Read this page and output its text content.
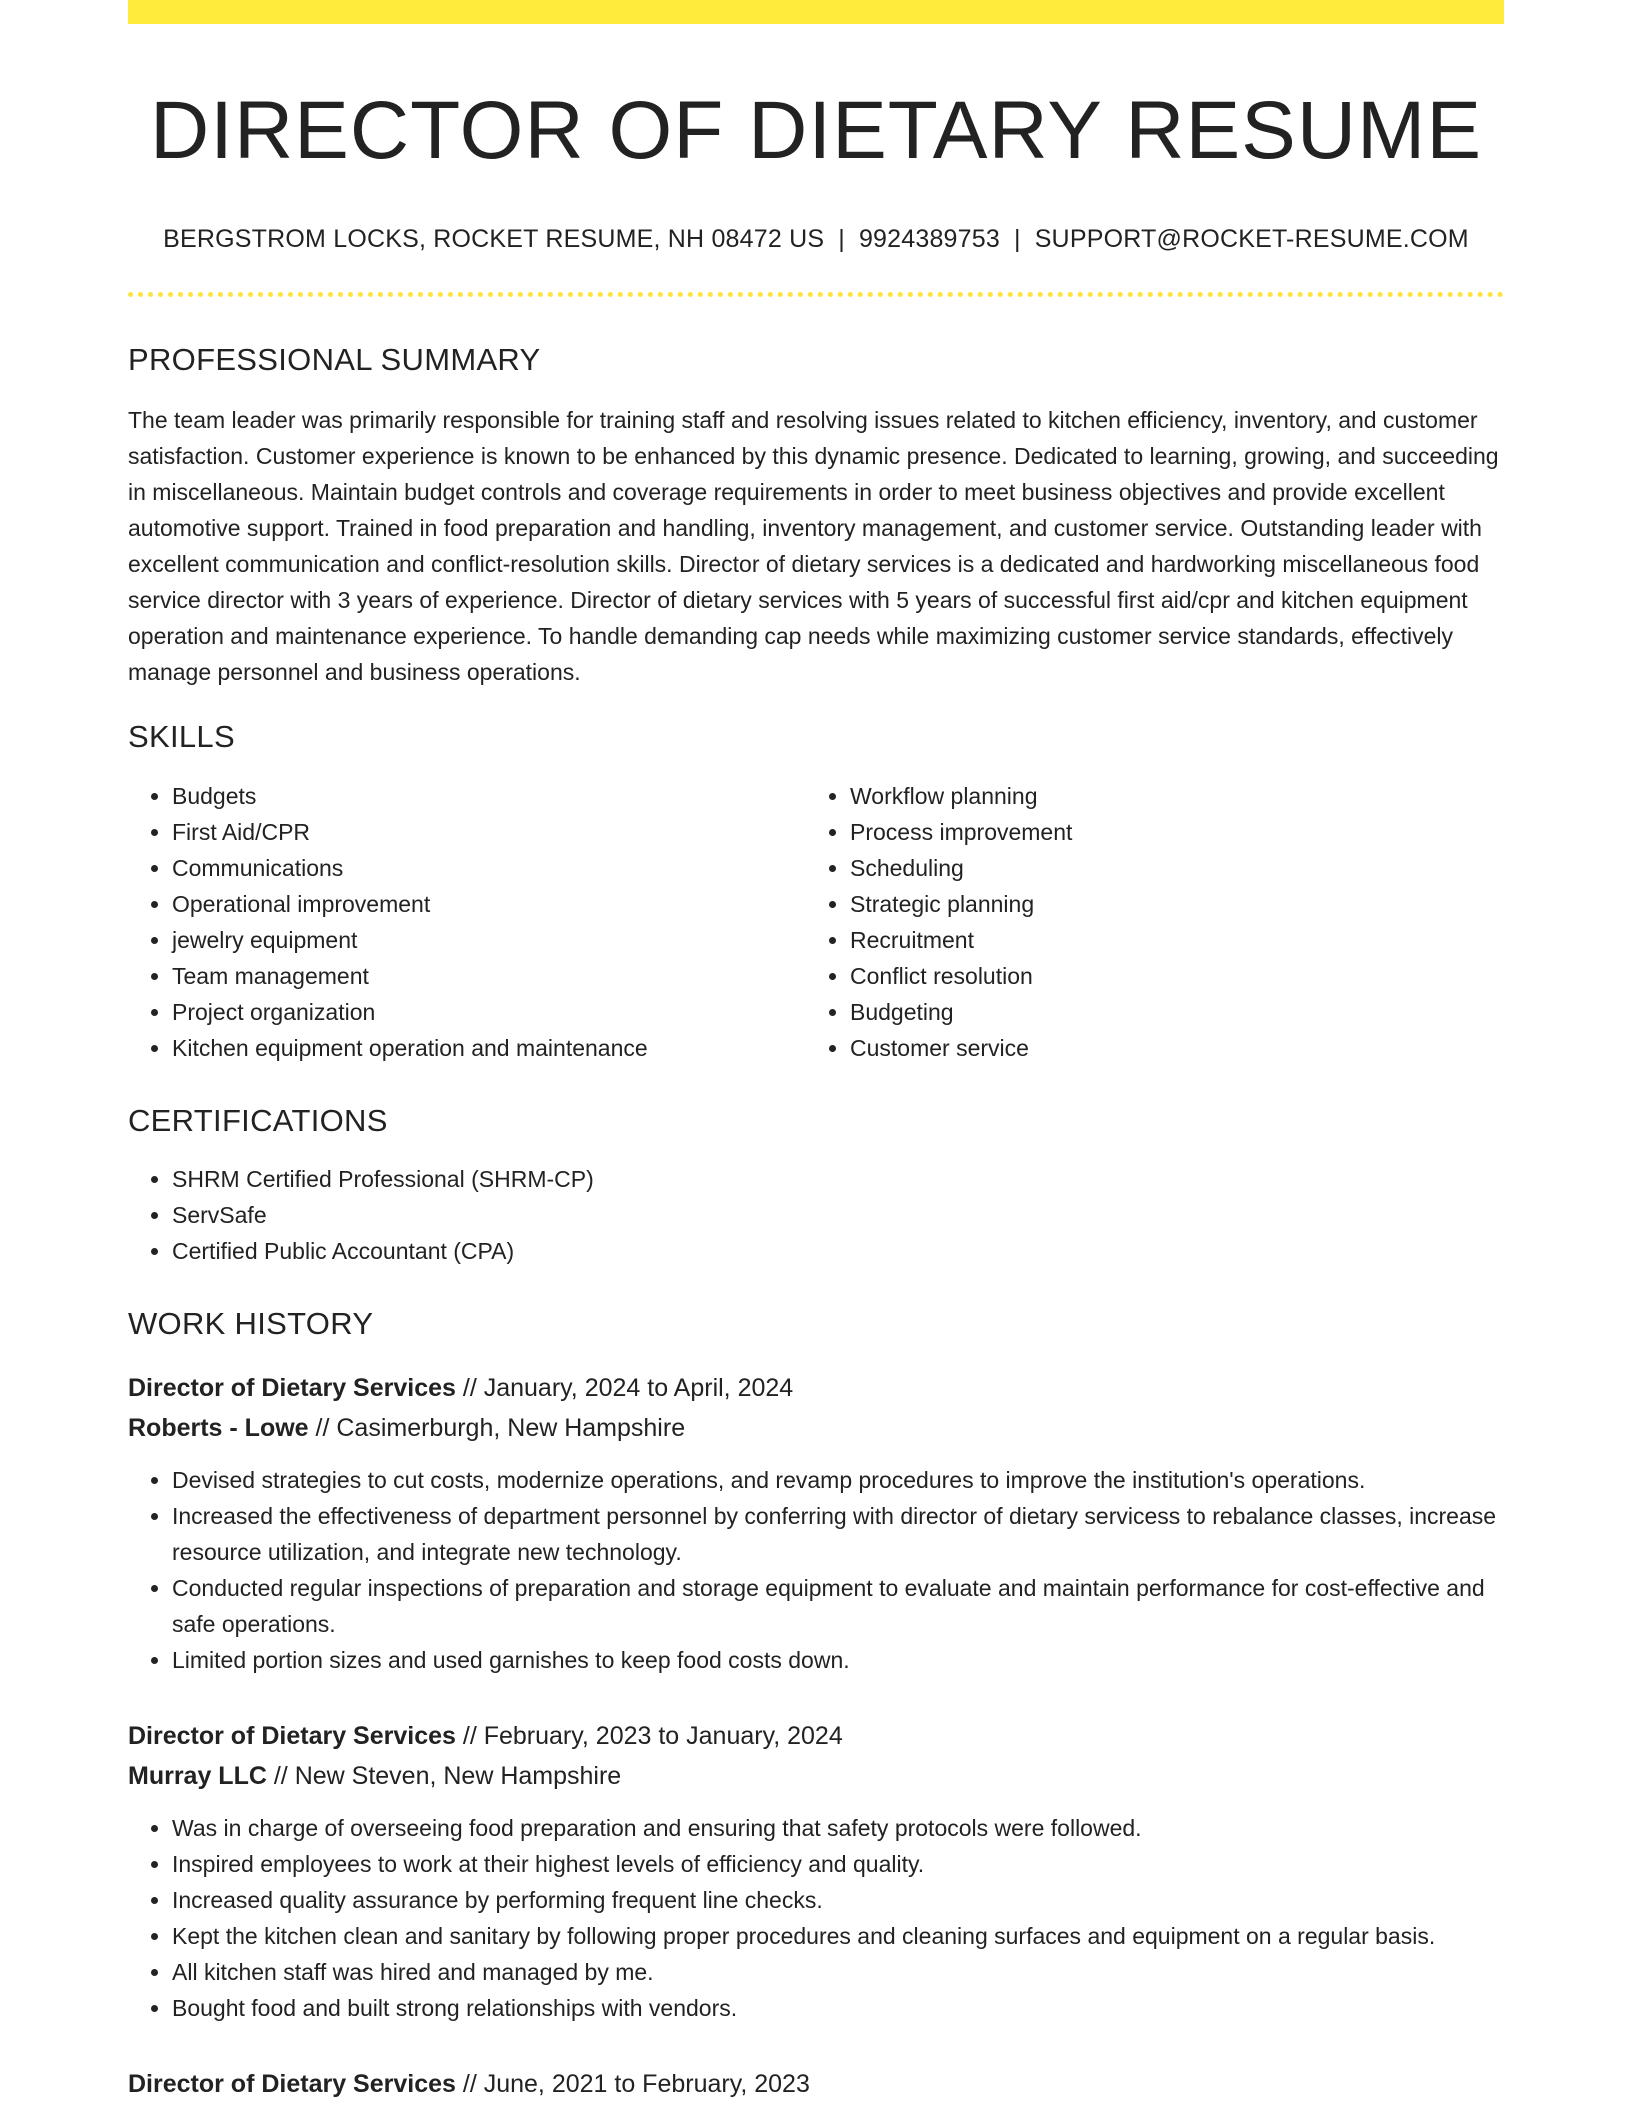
DIRECTOR OF DIETARY RESUME
BERGSTROM LOCKS, ROCKET RESUME, NH 08472 US | 9924389753 | SUPPORT@ROCKET-RESUME.COM
PROFESSIONAL SUMMARY

The team leader was primarily responsible for training staff and resolving issues related to kitchen efficiency, inventory, and customer satisfaction. Customer experience is known to be enhanced by this dynamic presence. Dedicated to learning, growing, and succeeding in miscellaneous. Maintain budget controls and coverage requirements in order to meet business objectives and provide excellent automotive support. Trained in food preparation and handling, inventory management, and customer service. Outstanding leader with excellent communication and conflict-resolution skills. Director of dietary services is a dedicated and hardworking miscellaneous food service director with 3 years of experience. Director of dietary services with 5 years of successful first aid/cpr and kitchen equipment operation and maintenance experience. To handle demanding cap needs while maximizing customer service standards, effectively manage personnel and business operations.

SKILLS
• Budgets
• First Aid/CPR
• Communications
• Operational improvement
• jewelry equipment
• Team management
• Project organization
• Kitchen equipment operation and maintenance
• Workflow planning
• Process improvement
• Scheduling
• Strategic planning
• Recruitment
• Conflict resolution
• Budgeting
• Customer service
CERTIFICATIONS
• SHRM Certified Professional (SHRM-CP)
• ServSafe
• Certified Public Accountant (CPA)
WORK HISTORY
Director of Dietary Services // January, 2024 to April, 2024
Roberts - Lowe // Casimerburgh, New Hampshire
• Devised strategies to cut costs, modernize operations, and revamp procedures to improve the institution's operations.
• Increased the effectiveness of department personnel by conferring with director of dietary servicess to rebalance classes, increase resource utilization, and integrate new technology.
• Conducted regular inspections of preparation and storage equipment to evaluate and maintain performance for cost-effective and safe operations.
• Limited portion sizes and used garnishes to keep food costs down.
Director of Dietary Services // February, 2023 to January, 2024
Murray LLC // New Steven, New Hampshire
• Was in charge of overseeing food preparation and ensuring that safety protocols were followed.
• Inspired employees to work at their highest levels of efficiency and quality.
• Increased quality assurance by performing frequent line checks.
• Kept the kitchen clean and sanitary by following proper procedures and cleaning surfaces and equipment on a regular basis.
• All kitchen staff was hired and managed by me.
• Bought food and built strong relationships with vendors.
Director of Dietary Services // June, 2021 to February, 2023
